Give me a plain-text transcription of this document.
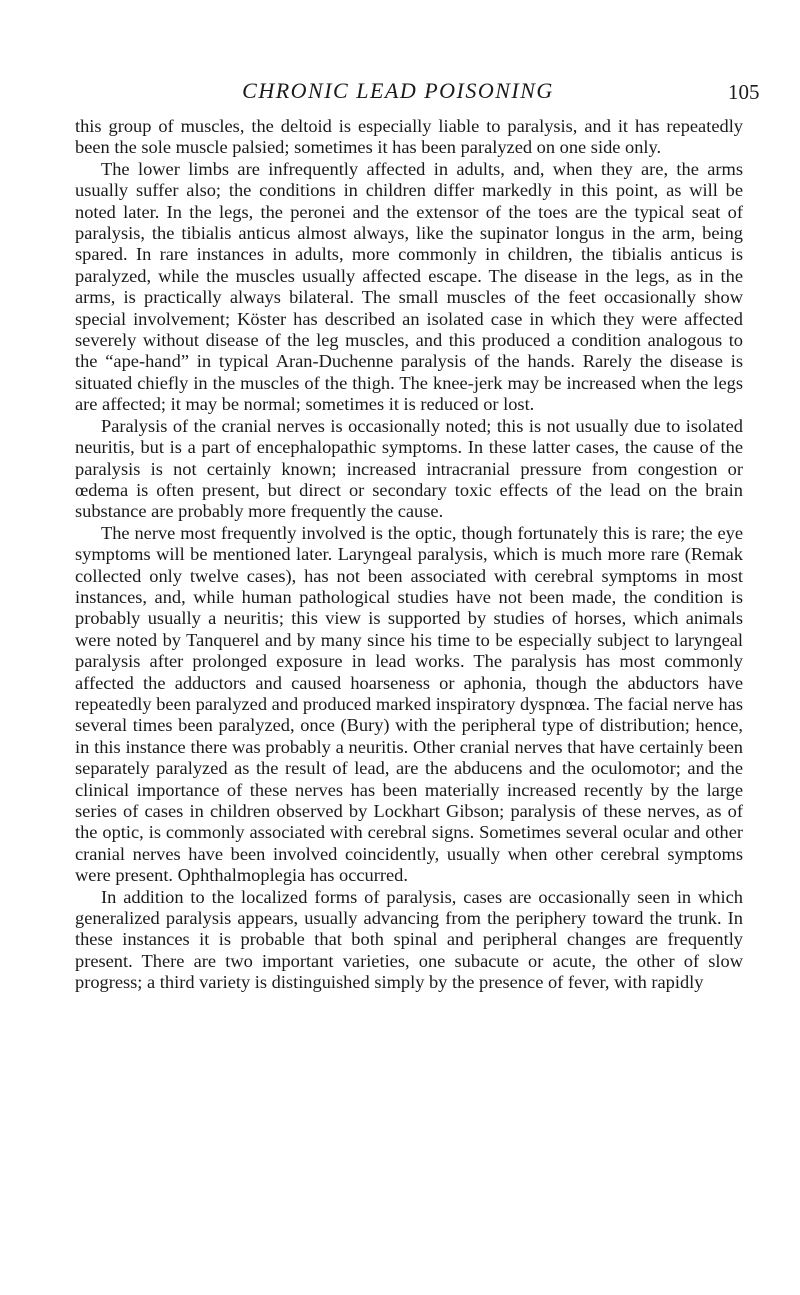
CHRONIC LEAD POISONING	105

this group of muscles, the deltoid is especially liable to paralysis, and it has repeatedly been the sole muscle palsied; sometimes it has been paralyzed on one side only.

The lower limbs are infrequently affected in adults, and, when they are, the arms usually suffer also; the conditions in children differ markedly in this point, as will be noted later. In the legs, the peronei and the extensor of the toes are the typical seat of paralysis, the tibialis anticus almost always, like the supinator longus in the arm, being spared. In rare instances in adults, more commonly in children, the tibialis anticus is paralyzed, while the muscles usually affected escape. The disease in the legs, as in the arms, is practically always bilateral. The small muscles of the feet occasionally show special involvement; Köster has described an isolated case in which they were affected severely without disease of the leg muscles, and this produced a condition analogous to the “ape-hand” in typical Aran-Duchenne paralysis of the hands. Rarely the disease is situated chiefly in the muscles of the thigh. The knee-jerk may be increased when the legs are affected; it may be normal; sometimes it is reduced or lost.

Paralysis of the cranial nerves is occasionally noted; this is not usually due to isolated neuritis, but is a part of encephalopathic symptoms. In these latter cases, the cause of the paralysis is not certainly known; increased intracranial pressure from congestion or œdema is often present, but direct or secondary toxic effects of the lead on the brain substance are probably more frequently the cause.

The nerve most frequently involved is the optic, though fortunately this is rare; the eye symptoms will be mentioned later. Laryngeal paralysis, which is much more rare (Remak collected only twelve cases), has not been associated with cerebral symptoms in most instances, and, while human pathological studies have not been made, the condition is probably usually a neuritis; this view is supported by studies of horses, which animals were noted by Tanquerel and by many since his time to be especially subject to laryngeal paralysis after prolonged exposure in lead works. The paralysis has most commonly affected the adductors and caused hoarseness or aphonia, though the abductors have repeatedly been paralyzed and produced marked inspiratory dyspnœa. The facial nerve has several times been paralyzed, once (Bury) with the peripheral type of distribution; hence, in this instance there was probably a neuritis. Other cranial nerves that have certainly been separately paralyzed as the result of lead, are the abducens and the oculomotor; and the clinical importance of these nerves has been materially increased recently by the large series of cases in children observed by Lockhart Gibson; paralysis of these nerves, as of the optic, is commonly associated with cerebral signs. Sometimes several ocular and other cranial nerves have been involved coincidently, usually when other cerebral symptoms were present. Ophthalmoplegia has occurred.

In addition to the localized forms of paralysis, cases are occasionally seen in which generalized paralysis appears, usually advancing from the periphery toward the trunk. In these instances it is probable that both spinal and peripheral changes are frequently present. There are two important varieties, one subacute or acute, the other of slow progress; a third variety is distinguished simply by the presence of fever, with rapidly
